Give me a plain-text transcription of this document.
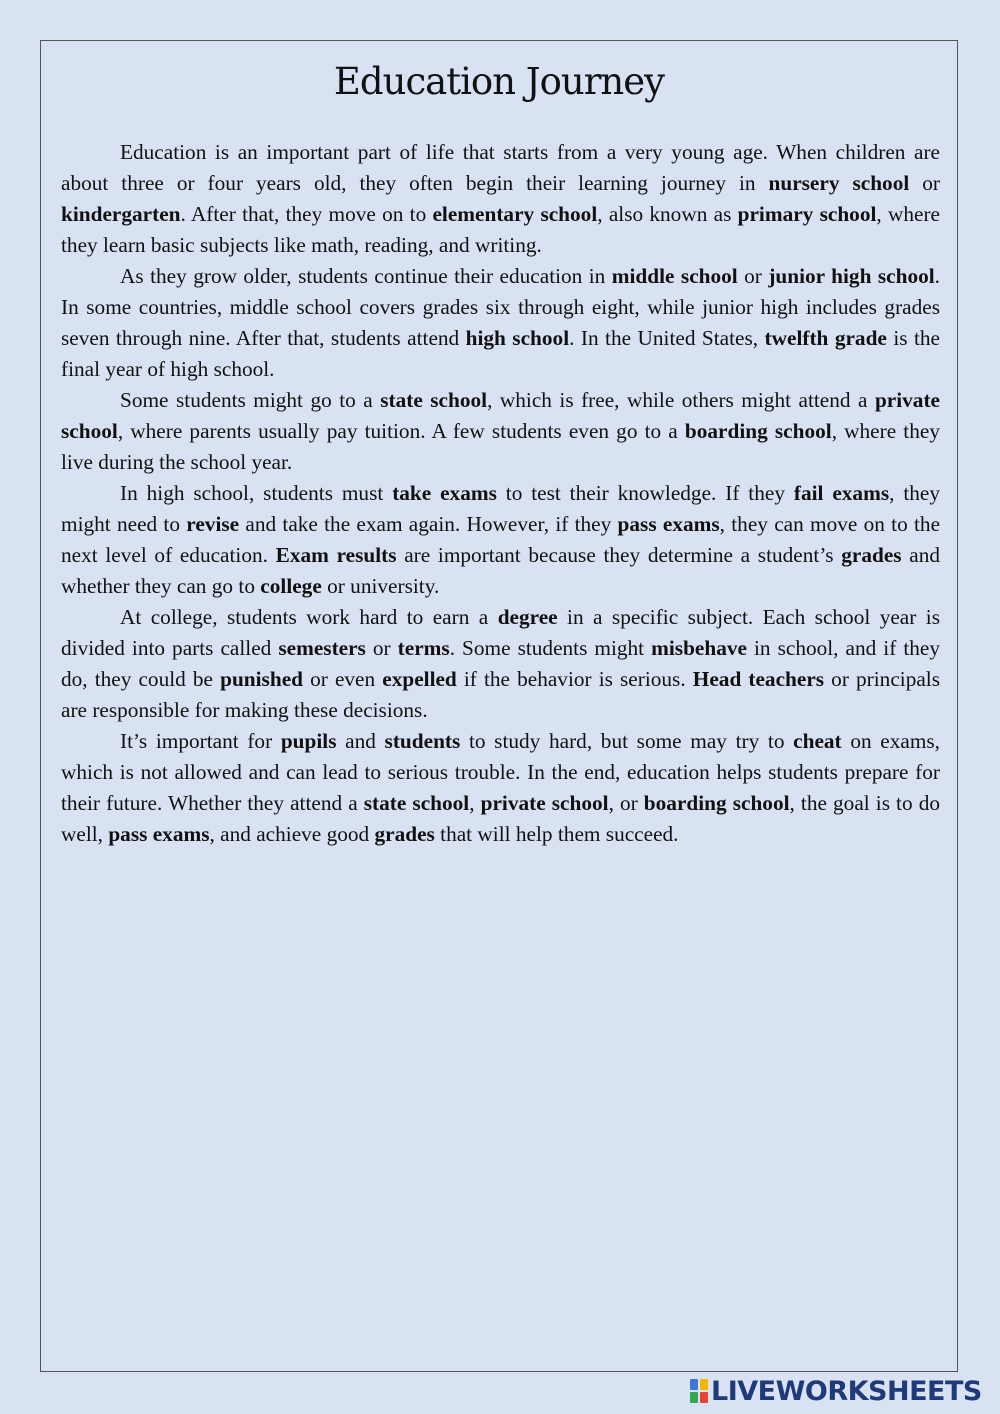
Education Journey

Education is an important part of life that starts from a very young age. When children are about three or four years old, they often begin their learning journey in nursery school or kindergarten. After that, they move on to elementary school, also known as primary school, where they learn basic subjects like math, reading, and writing.

As they grow older, students continue their education in middle school or junior high school. In some countries, middle school covers grades six through eight, while junior high includes grades seven through nine. After that, students attend high school. In the United States, twelfth grade is the final year of high school.

Some students might go to a state school, which is free, while others might attend a private school, where parents usually pay tuition. A few students even go to a boarding school, where they live during the school year.

In high school, students must take exams to test their knowledge. If they fail exams, they might need to revise and take the exam again. However, if they pass exams, they can move on to the next level of education. Exam results are important because they determine a student’s grades and whether they can go to college or university.

At college, students work hard to earn a degree in a specific subject. Each school year is divided into parts called semesters or terms. Some students might misbehave in school, and if they do, they could be punished or even expelled if the behavior is serious. Head teachers or principals are responsible for making these decisions.

It’s important for pupils and students to study hard, but some may try to cheat on exams, which is not allowed and can lead to serious trouble. In the end, education helps students prepare for their future. Whether they attend a state school, private school, or boarding school, the goal is to do well, pass exams, and achieve good grades that will help them succeed.

LIVEWORKSHEETS
